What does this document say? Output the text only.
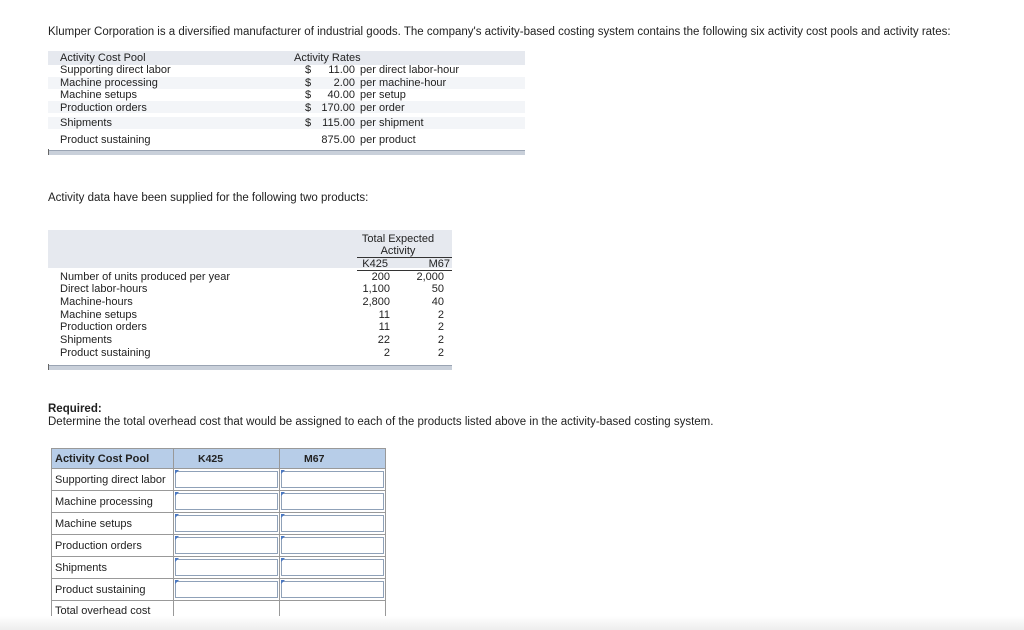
Klumper Corporation is a diversified manufacturer of industrial goods. The company's activity-based costing system contains the following six activity cost pools and activity rates:
Activity Cost Pool	Activity Rates
Supporting direct labor	$	11.00 per direct labor-hour
Machine processing	$	2.00 per machine-hour
Machine setups	$	40.00 per setup
Production orders	$ 170.00 per order
Shipments	$	115.00 per shipment
Product sustaining	875.00 per product
Activity data have been supplied for the following two products:
Total Expected
Activity
K425	M67
Number of units produced per year	200	2,000
Direct labor-hours	1,100	50
Machine-hours	2,800	40
Machine setups	11	2
Production orders	11	2
Shipments	22	2
Product sustaining	2	2
Required:
Determine the total overhead cost that would be assigned to each of the products listed above in the activity-based costing system.
Activity Cost Pool	K425	M67
Supporting direct labor	

Machine processing	

Machine setups	

Production orders	

Shipments	

Product sustaining	

Total overhead cost		
